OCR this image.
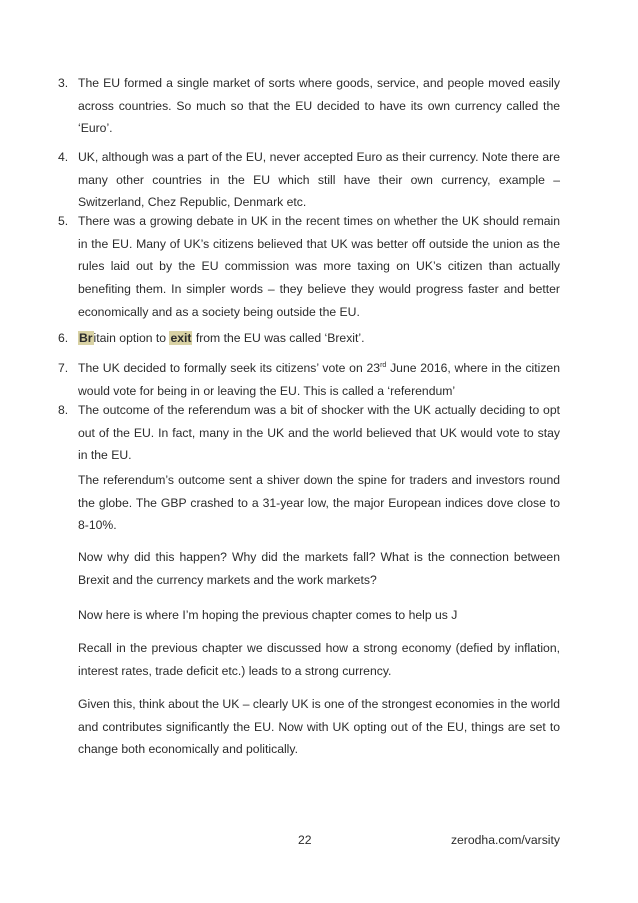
3. The EU formed a single market of sorts where goods, service, and people moved easily across countries. So much so that the EU decided to have its own currency called the ‘Euro’.
4. UK, although was a part of the EU, never accepted Euro as their currency. Note there are many other countries in the EU which still have their own currency, example – Switzerland, Chez Republic, Denmark etc.
5. There was a growing debate in UK in the recent times on whether the UK should remain in the EU. Many of UK’s citizens believed that UK was better off outside the union as the rules laid out by the EU commission was more taxing on UK’s citizen than actually benefiting them. In simpler words – they believe they would progress faster and better economically and as a society being outside the EU.
6. Britain option to exit from the EU was called ‘Brexit’.
7. The UK decided to formally seek its citizens’ vote on 23rd June 2016, where in the citizen would vote for being in or leaving the EU. This is called a ‘referendum’
8. The outcome of the referendum was a bit of shocker with the UK actually deciding to opt out of the EU. In fact, many in the UK and the world believed that UK would vote to stay in the EU.
The referendum’s outcome sent a shiver down the spine for traders and investors round the globe. The GBP crashed to a 31-year low, the major European indices dove close to 8-10%.
Now why did this happen? Why did the markets fall? What is the connection between Brexit and the currency markets and the work markets?
Now here is where I’m hoping the previous chapter comes to help us J
Recall in the previous chapter we discussed how a strong economy (defied by inflation, interest rates, trade deficit etc.) leads to a strong currency.
Given this, think about the UK – clearly UK is one of the strongest economies in the world and contributes significantly the EU. Now with UK opting out of the EU, things are set to change both economically and politically.
22	zerodha.com/varsity
